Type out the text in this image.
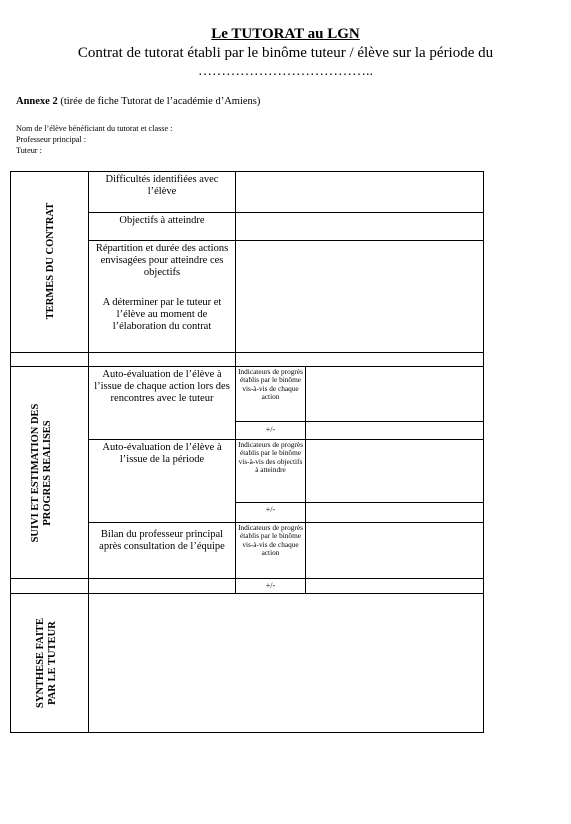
Le TUTORAT au LGN
Contrat de tutorat établi par le binôme tuteur / élève sur la période du
………………………………..
Annexe 2 (tirée de fiche Tutorat de l’académie d’Amiens)
Nom de l’élève bénéficiant du tutorat et classe :
Professeur principal :
Tuteur :
TERMES DU CONTRAT
SUIVI ET ESTIMATION DES PROGRES REALISES
SYNTHESE FAITE PAR LE TUTEUR
Difficultés identifiées avec l’élève
Objectifs à atteindre
Répartition et durée des actions envisagées pour atteindre ces objectifs
A déterminer par le tuteur et l’élève au moment de l’élaboration du contrat
Auto-évaluation de l’élève à l’issue de chaque action lors des rencontres avec le tuteur
Auto-évaluation de l’élève à l’issue de la période
Bilan du professeur principal après consultation de l’équipe
Indicateurs de progrès établis par le binôme vis-à-vis de chaque action
+/-
Indicateurs de progrès établis par le binôme vis-à-vis des objectifs à atteindre
+/-
Indicateurs de progrès établis par le binôme vis-à-vis de chaque action
+/-
